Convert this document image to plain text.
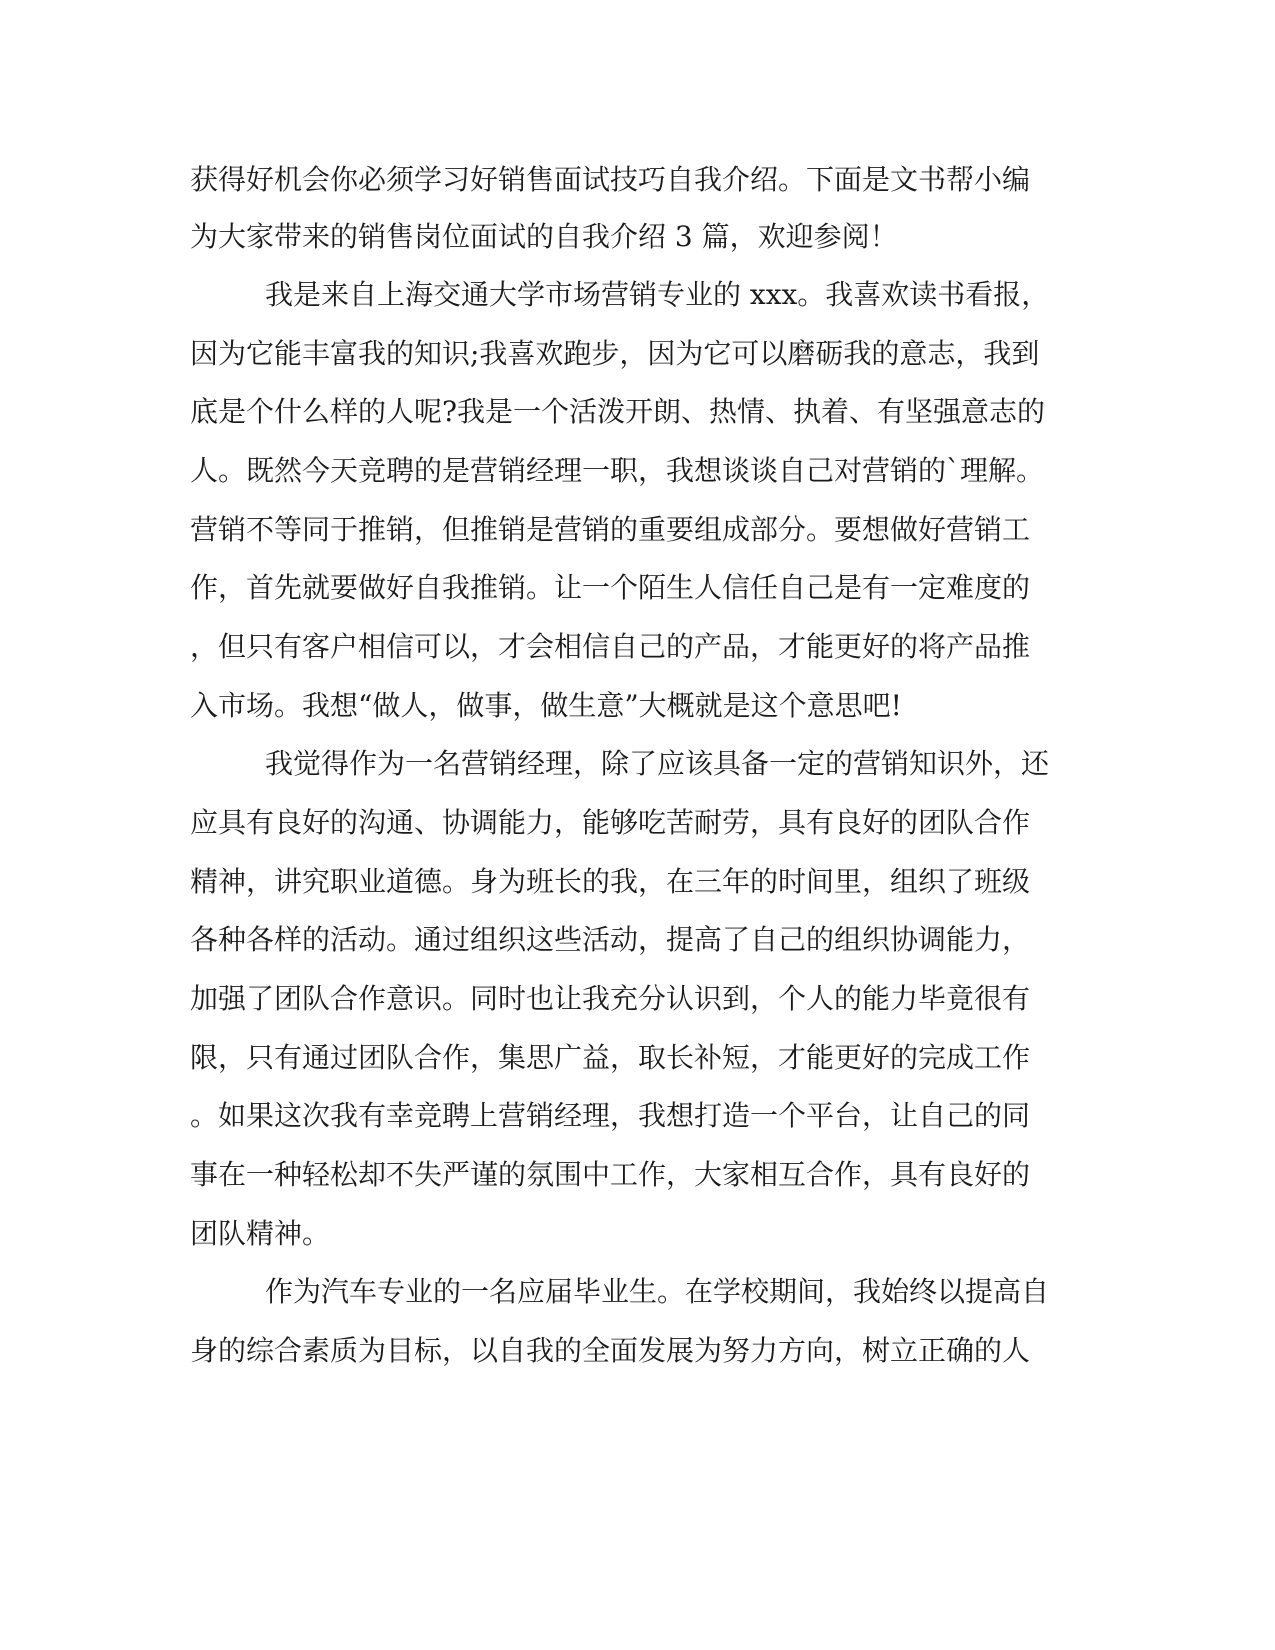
获得好机会你必须学习好销售面试技巧自我介绍。下面是文书帮小编
为大家带来的销售岗位面试的自我介绍 3 篇，欢迎参阅！
我是来自上海交通大学市场营销专业的 xxx。我喜欢读书看报，
因为它能丰富我的知识;我喜欢跑步，因为它可以磨砺我的意志，我到
底是个什么样的人呢?我是一个活泼开朗、热情、执着、有坚强意志的
人。既然今天竞聘的是营销经理一职，我想谈谈自己对营销的`理解。
营销不等同于推销，但推销是营销的重要组成部分。要想做好营销工
作，首先就要做好自我推销。让一个陌生人信任自己是有一定难度的
，但只有客户相信可以，才会相信自己的产品，才能更好的将产品推
入市场。我想“做人，做事，做生意”大概就是这个意思吧!
我觉得作为一名营销经理，除了应该具备一定的营销知识外，还
应具有良好的沟通、协调能力，能够吃苦耐劳，具有良好的团队合作
精神，讲究职业道德。身为班长的我，在三年的时间里，组织了班级
各种各样的活动。通过组织这些活动，提高了自己的组织协调能力，
加强了团队合作意识。同时也让我充分认识到，个人的能力毕竟很有
限，只有通过团队合作，集思广益，取长补短，才能更好的完成工作
。如果这次我有幸竞聘上营销经理，我想打造一个平台，让自己的同
事在一种轻松却不失严谨的氛围中工作，大家相互合作，具有良好的
团队精神。
作为汽车专业的一名应届毕业生。在学校期间，我始终以提高自
身的综合素质为目标，以自我的全面发展为努力方向，树立正确的人
